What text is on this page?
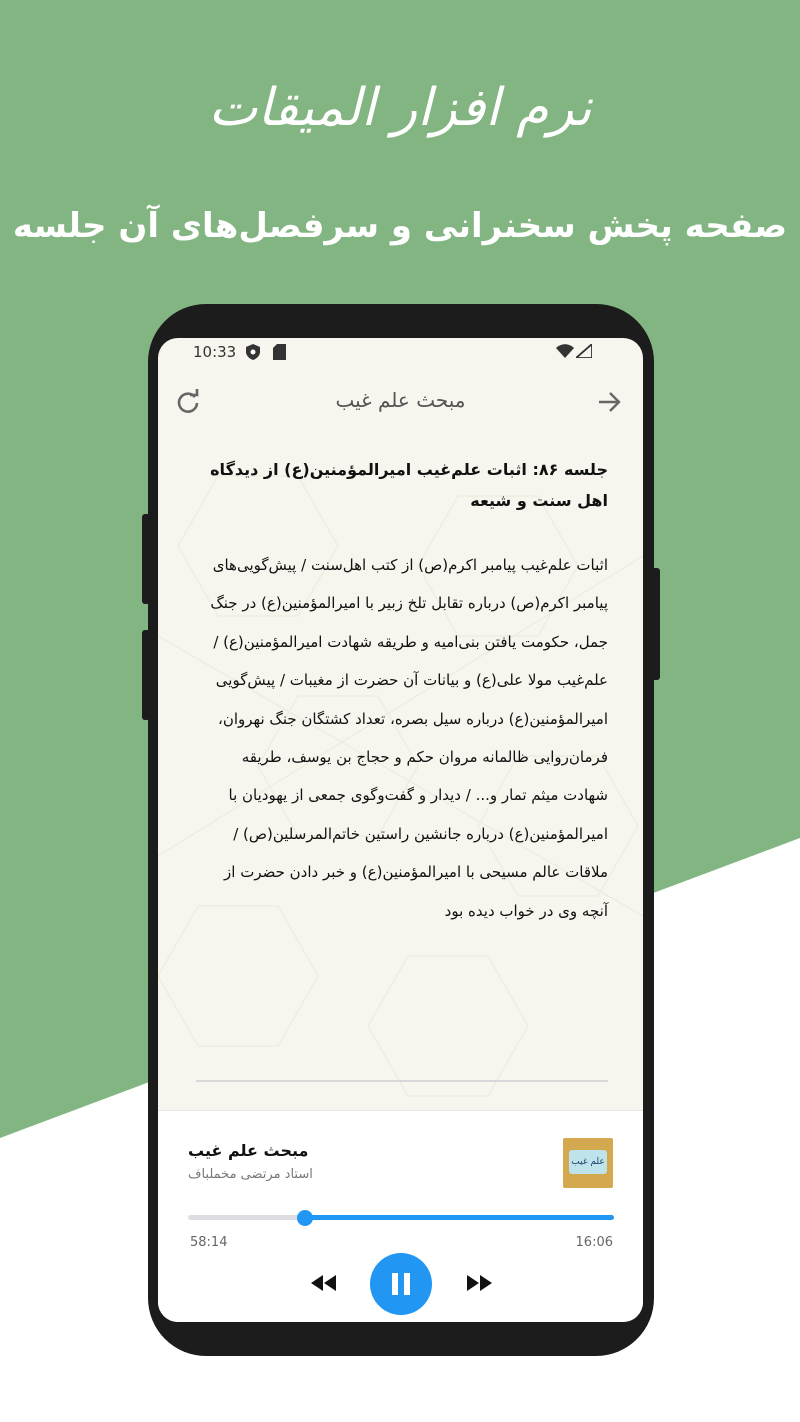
نرم افزار المیقات
صفحه پخش سخنرانی و سرفصل‌های آن جلسه
10:33
مبحث علم غیب

جلسه ۸۶: اثبات علم‌غیب امیرالمؤمنین(ع) از دیدگاه اهل سنت و شیعه

اثبات علم‌غیب پیامبر اکرم(ص) از کتب اهل‌سنت / پیش‌گویی‌های پیامبر اکرم(ص) درباره تقابل تلخ زبیر با امیرالمؤمنین(ع) در جنگ جمل، حکومت یافتن بنی‌امیه و طریقه شهادت امیرالمؤمنین(ع) / علم‌غیب مولا علی(ع) و بیانات آن حضرت از مغیبات / پیش‌گویی امیرالمؤمنین(ع) درباره سیل بصره، تعداد کشتگان جنگ نهروان، فرمان‌روایی ظالمانه مروان حکم و حجاج بن یوسف، طریقه شهادت میثم تمار و... / دیدار و گفت‌وگوی جمعی از یهودیان با امیرالمؤمنین(ع) درباره جانشین راستین خاتم‌المرسلین(ص) / ملاقات عالم مسیحی با امیرالمؤمنین(ع) و خبر دادن حضرت از آنچه وی در خواب دیده بود

مبحث علم غیب
استاد مرتضی مخملباف
علم غیب
58:14	16:06
